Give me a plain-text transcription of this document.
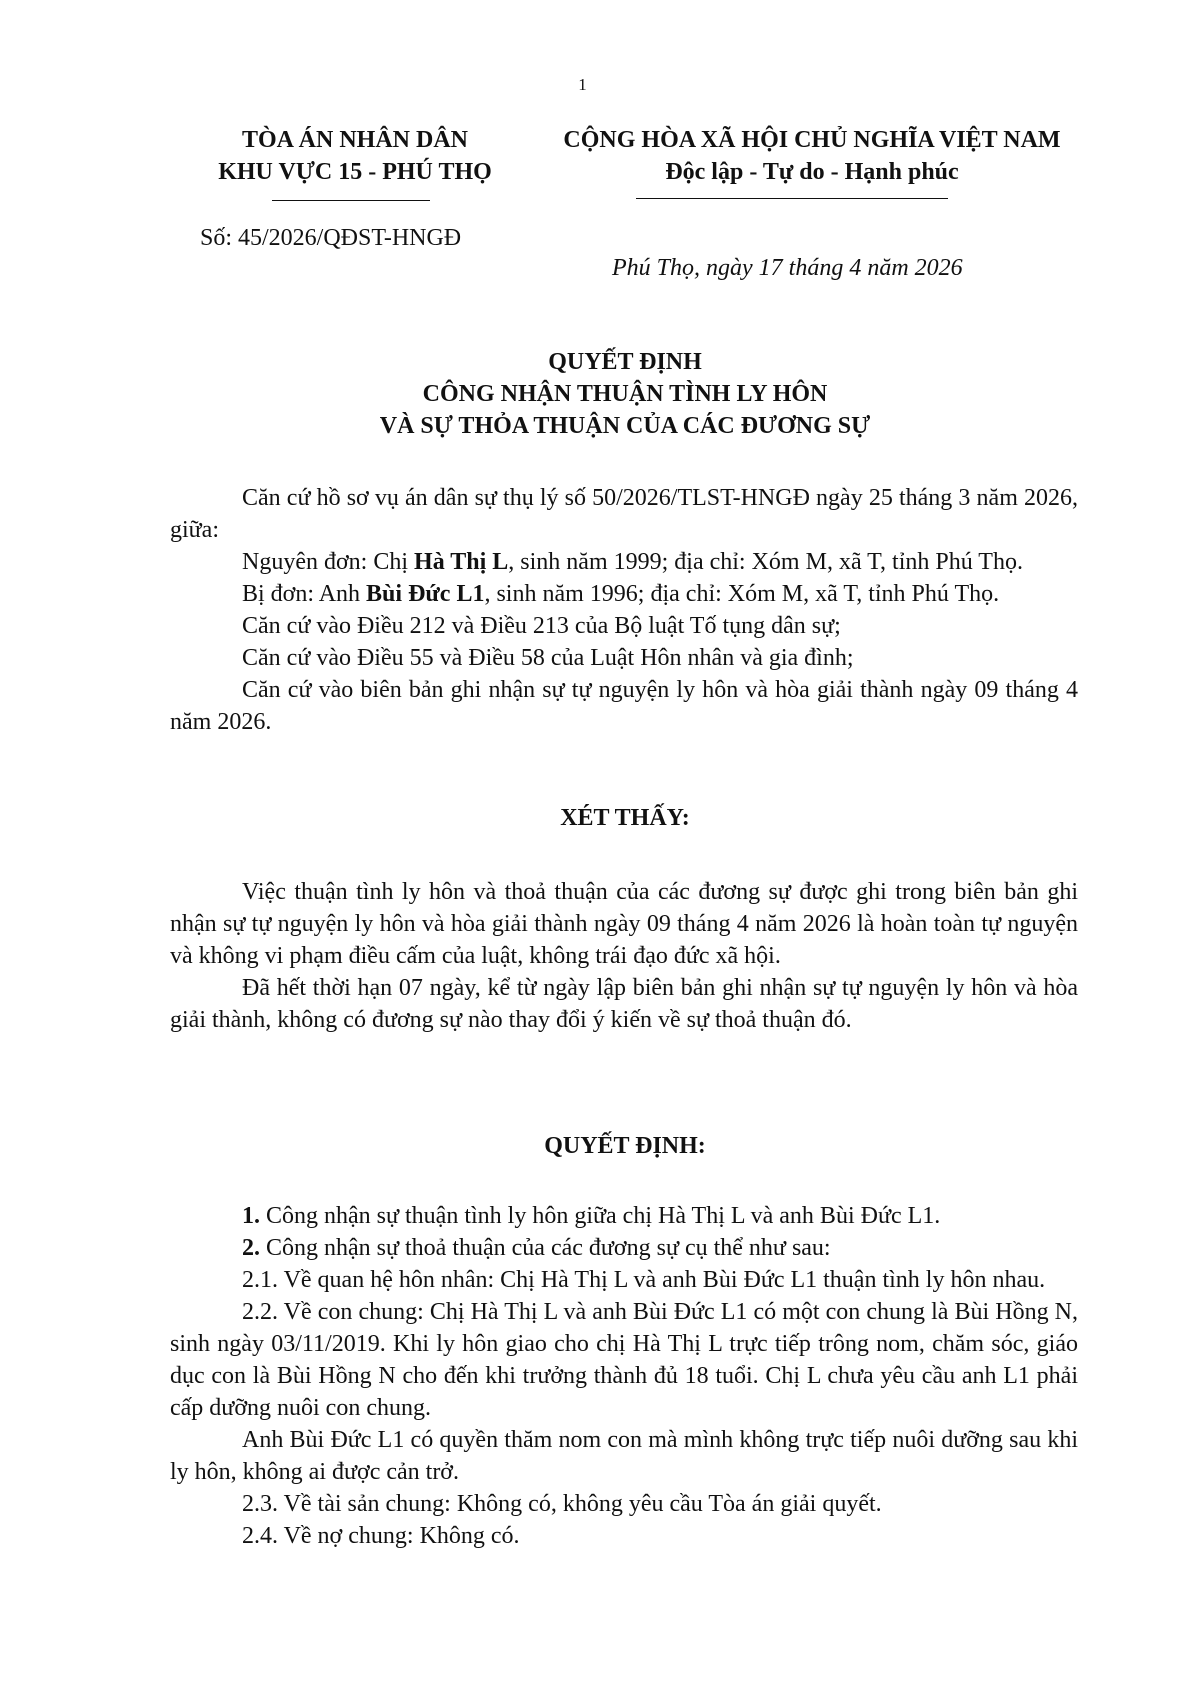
1
TÒA ÁN NHÂN DÂN
KHU VỰC 15 - PHÚ THỌ
CỘNG HÒA XÃ HỘI CHỦ NGHĨA VIỆT NAM
Độc lập - Tự do - Hạnh phúc
Số: 45/2026/QĐST-HNGĐ
Phú Thọ, ngày 17 tháng 4 năm 2026
QUYẾT ĐỊNH
CÔNG NHẬN THUẬN TÌNH LY HÔN
VÀ SỰ THỎA THUẬN CỦA CÁC ĐƯƠNG SỰ

Căn cứ hồ sơ vụ án dân sự thụ lý số 50/2026/TLST-HNGĐ ngày 25 tháng 3 năm 2026, giữa:

Nguyên đơn: Chị Hà Thị L, sinh năm 1999; địa chỉ: Xóm M, xã T, tỉnh Phú Thọ.

Bị đơn: Anh Bùi Đức L1, sinh năm 1996; địa chỉ: Xóm M, xã T, tỉnh Phú Thọ.

Căn cứ vào Điều 212 và Điều 213 của Bộ luật Tố tụng dân sự;

Căn cứ vào Điều 55 và Điều 58 của Luật Hôn nhân và gia đình;

Căn cứ vào biên bản ghi nhận sự tự nguyện ly hôn và hòa giải thành ngày 09 tháng 4 năm 2026.

XÉT THẤY:

Việc thuận tình ly hôn và thoả thuận của các đương sự được ghi trong biên bản ghi nhận sự tự nguyện ly hôn và hòa giải thành ngày 09 tháng 4 năm 2026 là hoàn toàn tự nguyện và không vi phạm điều cấm của luật, không trái đạo đức xã hội.

Đã hết thời hạn 07 ngày, kể từ ngày lập biên bản ghi nhận sự tự nguyện ly hôn và hòa giải thành, không có đương sự nào thay đổi ý kiến về sự thoả thuận đó.

QUYẾT ĐỊNH:

1. Công nhận sự thuận tình ly hôn giữa chị Hà Thị L và anh Bùi Đức L1.

2. Công nhận sự thoả thuận của các đương sự cụ thể như sau:

2.1. Về quan hệ hôn nhân: Chị Hà Thị L và anh Bùi Đức L1 thuận tình ly hôn nhau.

2.2. Về con chung: Chị Hà Thị L và anh Bùi Đức L1 có một con chung là Bùi Hồng N, sinh ngày 03/11/2019. Khi ly hôn giao cho chị Hà Thị L trực tiếp trông nom, chăm sóc, giáo dục con là Bùi Hồng N cho đến khi trưởng thành đủ 18 tuổi. Chị L chưa yêu cầu anh L1 phải cấp dưỡng nuôi con chung.

Anh Bùi Đức L1 có quyền thăm nom con mà mình không trực tiếp nuôi dưỡng sau khi ly hôn, không ai được cản trở.

2.3. Về tài sản chung: Không có, không yêu cầu Tòa án giải quyết.

2.4. Về nợ chung: Không có.
